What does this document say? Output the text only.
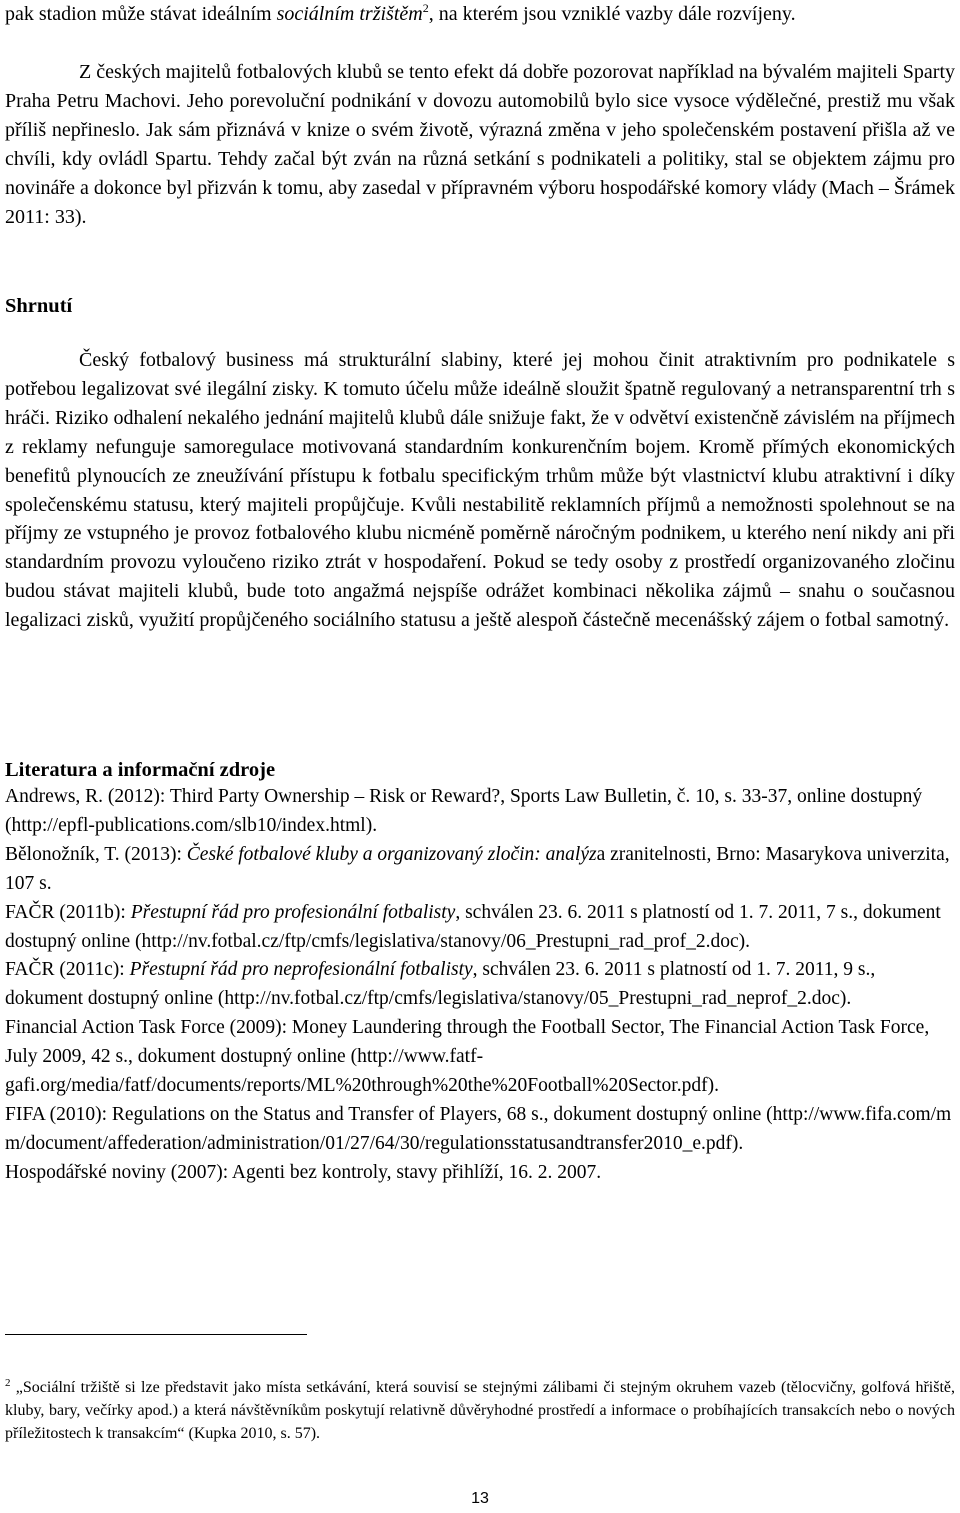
pak stadion může stávat ideálním sociálním tržištěm$^2$, na kterém jsou vzniklé vazby dále rozvíjeny.

Z českých majitelů fotbalových klubů se tento efekt dá dobře pozorovat například na bývalém majiteli Sparty Praha Petru Machovi. Jeho porevoluční podnikání v dovozu automobilů bylo sice vysoce výdělečné, prestiž mu však příliš nepřineslo. Jak sám přiznává v knize o svém životě, výrazná změna v jeho společenském postavení přišla až ve chvíli, kdy ovládl Spartu. Tehdy začal být zván na různá setkání s podnikateli a politiky, stal se objektem zájmu pro novináře a dokonce byl přizván k tomu, aby zasedal v přípravném výboru hospodářské komory vlády (Mach – Šrámek 2011: 33).

Shrnutí

Český fotbalový business má strukturální slabiny, které jej mohou činit atraktivním pro podnikatele s potřebou legalizovat své ilegální zisky. K tomuto účelu může ideálně sloužit špatně regulovaný a netransparentní trh s hráči. Riziko odhalení nekalého jednání majitelů klubů dále snižuje fakt, že v odvětví existenčně závislém na příjmech z reklamy nefunguje samoregulace motivovaná standardním konkurenčním bojem. Kromě přímých ekonomických benefitů plynoucích ze zneužívání přístupu k fotbalu specifickým trhům může být vlastnictví klubu atraktivní i díky společenskému statusu, který majiteli propůjčuje. Kvůli nestabilitě reklamních příjmů a nemožnosti spolehnout se na příjmy ze vstupného je provoz fotbalového klubu nicméně poměrně náročným podnikem, u kterého není nikdy ani při standardním provozu vyloučeno riziko ztrát v hospodaření. Pokud se tedy osoby z prostředí organizovaného zločinu budou stávat majiteli klubů, bude toto angažmá nejspíše odrážet kombinaci několika zájmů – snahu o současnou legalizaci zisků, využití propůjčeného sociálního statusu a ještě alespoň částečně mecenášský zájem o fotbal samotný.

Literatura a informační zdroje

Andrews, R. (2012): Third Party Ownership – Risk or Reward?, Sports Law Bulletin, č. 10, s. 33-37, online dostupný (http://epfl-publications.com/slb10/index.html).

Bělonožník, T. (2013): České fotbalové kluby a organizovaný zločin: analýza zranitelnosti, Brno: Masarykova univerzita, 107 s.

FAČR (2011b): Přestupní řád pro profesionální fotbalisty, schválen 23. 6. 2011 s platností od 1. 7. 2011, 7 s., dokument dostupný online (http://nv.fotbal.cz/ftp/cmfs/legislativa/stanovy/06_Prestupni_rad_prof_2.doc).

FAČR (2011c): Přestupní řád pro neprofesionální fotbalisty, schválen 23. 6. 2011 s platností od 1. 7. 2011, 9 s., dokument dostupný online (http://nv.fotbal.cz/ftp/cmfs/legislativa/stanovy/05_Prestupni_rad_neprof_2.doc).

Financial Action Task Force (2009): Money Laundering through the Football Sector, The Financial Action Task Force, July 2009, 42 s., dokument dostupný online (http://www.fatf-gafi.org/media/fatf/documents/reports/ML%20through%20the%20Football%20Sector.pdf).

FIFA (2010): Regulations on the Status and Transfer of Players, 68 s., dokument dostupný online (http://www.fifa.com/mm/document/affederation/administration/01/27/64/30/regulationsstatusandtransfer2010_e.pdf).

Hospodářské noviny (2007): Agenti bez kontroly, stavy přihlíží, 16. 2. 2007.

$^2$ „Sociální tržiště si lze představit jako místa setkávání, která souvisí se stejnými zálibami či stejným okruhem vazeb (tělocvičny, golfová hřiště, kluby, bary, večírky apod.) a která návštěvníkům poskytují relativně důvěryhodné prostředí a informace o probíhajících transakcích nebo o nových příležitostech k transakcím“ (Kupka 2010, s. 57).

13
